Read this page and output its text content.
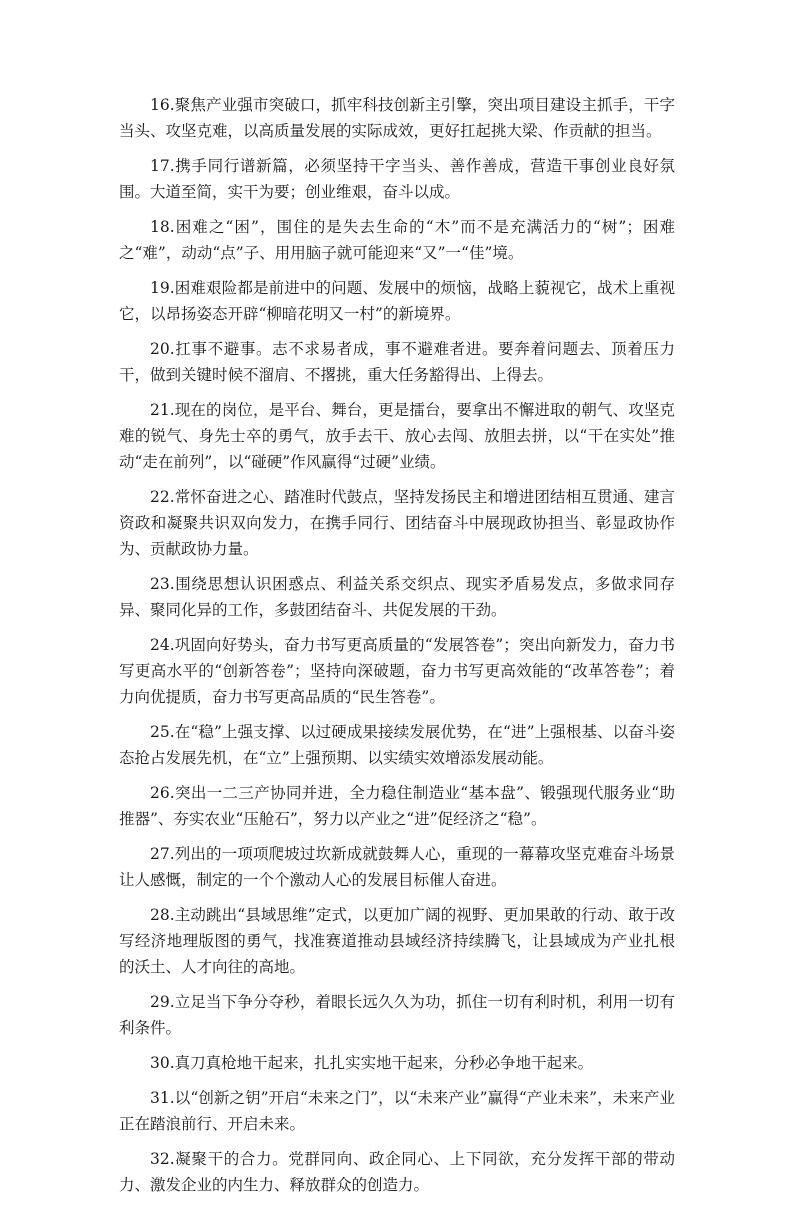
16.聚焦产业强市突破口，抓牢科技创新主引擎，突出项目建设主抓手，干字当头、攻坚克难，以高质量发展的实际成效，更好扛起挑大梁、作贡献的担当。

17.携手同行谱新篇，必须坚持干字当头、善作善成，营造干事创业良好氛围。大道至简，实干为要；创业维艰，奋斗以成。

18.困难之“困”，围住的是失去生命的“木”而不是充满活力的“树”；困难之“难”，动动“点”子、用用脑子就可能迎来“又”一“佳”境。

19.困难艰险都是前进中的问题、发展中的烦恼，战略上藐视它，战术上重视它，以昂扬姿态开辟“柳暗花明又一村”的新境界。

20.扛事不避事。志不求易者成，事不避难者进。要奔着问题去、顶着压力干，做到关键时候不溜肩、不撂挑，重大任务豁得出、上得去。

21.现在的岗位，是平台、舞台，更是擂台，要拿出不懈进取的朝气、攻坚克难的锐气、身先士卒的勇气，放手去干、放心去闯、放胆去拼，以“干在实处”推动“走在前列”，以“碰硬”作风赢得“过硬”业绩。

22.常怀奋进之心、踏准时代鼓点，坚持发扬民主和增进团结相互贯通、建言资政和凝聚共识双向发力，在携手同行、团结奋斗中展现政协担当、彰显政协作为、贡献政协力量。

23.围绕思想认识困惑点、利益关系交织点、现实矛盾易发点，多做求同存异、聚同化异的工作，多鼓团结奋斗、共促发展的干劲。

24.巩固向好势头，奋力书写更高质量的“发展答卷”；突出向新发力，奋力书写更高水平的“创新答卷”；坚持向深破题，奋力书写更高效能的“改革答卷”；着力向优提质，奋力书写更高品质的“民生答卷”。

25.在“稳”上强支撑、以过硬成果接续发展优势，在“进”上强根基、以奋斗姿态抢占发展先机，在“立”上强预期、以实绩实效增添发展动能。

26.突出一二三产协同并进，全力稳住制造业“基本盘”、锻强现代服务业“助推器”、夯实农业“压舱石”，努力以产业之“进”促经济之“稳”。

27.列出的一项项爬坡过坎新成就鼓舞人心，重现的一幕幕攻坚克难奋斗场景让人感慨，制定的一个个激动人心的发展目标催人奋进。

28.主动跳出“县域思维”定式，以更加广阔的视野、更加果敢的行动、敢于改写经济地理版图的勇气，找准赛道推动县域经济持续腾飞，让县域成为产业扎根的沃土、人才向往的高地。

29.立足当下争分夺秒，着眼长远久久为功，抓住一切有利时机，利用一切有利条件。

30.真刀真枪地干起来，扎扎实实地干起来，分秒必争地干起来。

31.以“创新之钥”开启“未来之门”，以“未来产业”赢得“产业未来”，未来产业正在踏浪前行、开启未来。

32.凝聚干的合力。党群同向、政企同心、上下同欲，充分发挥干部的带动力、激发企业的内生力、释放群众的创造力。
